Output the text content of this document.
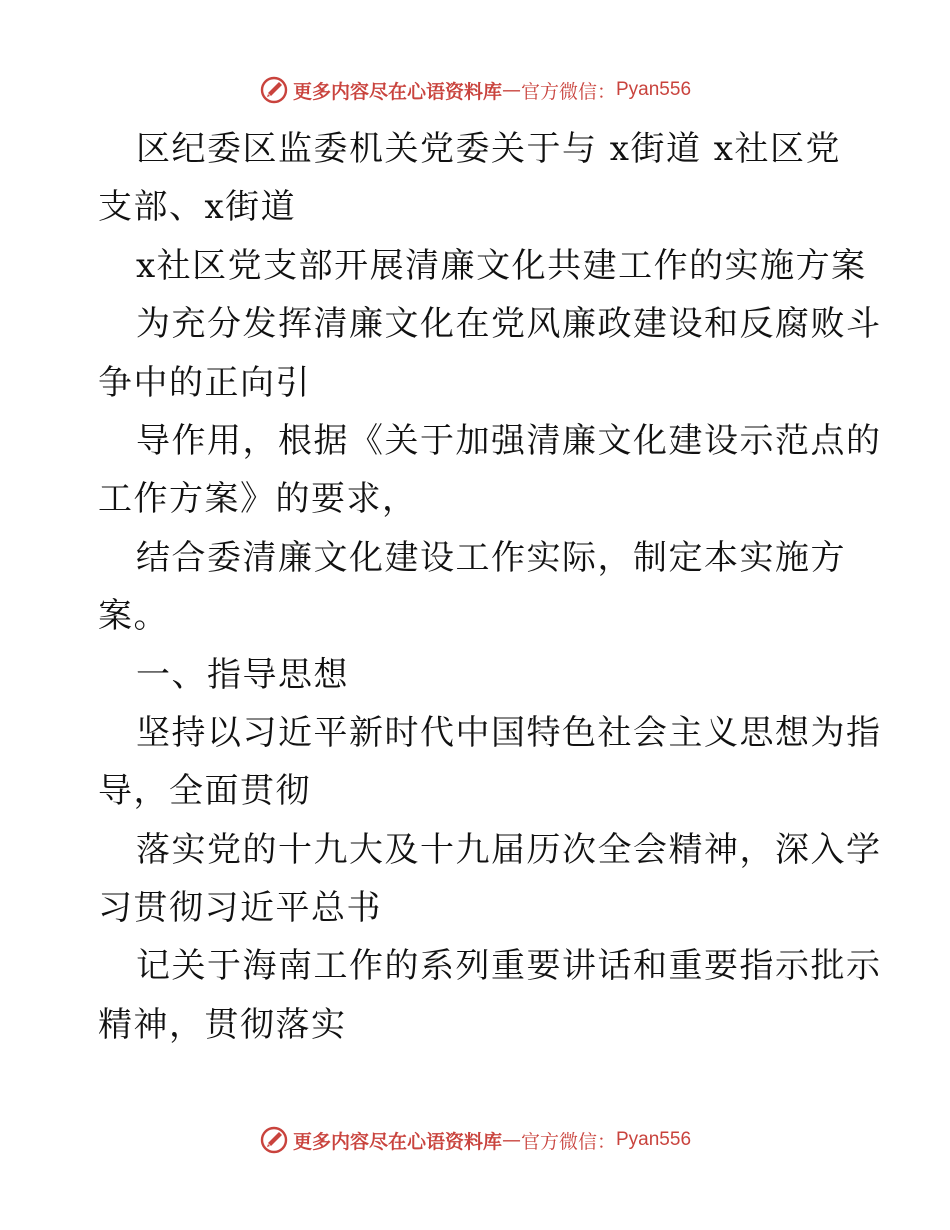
更多内容尽在心语资料库 — 官方微信： Pyan556
区纪委区监委机关党委关于与 x街道 x社区党
支部、x街道
x社区党支部开展清廉文化共建工作的实施方案
为充分发挥清廉文化在党风廉政建设和反腐败斗
争中的正向引
导作用，根据《关于加强清廉文化建设示范点的
工作方案》的要求，
结合委清廉文化建设工作实际，制定本实施方
案。
一、指导思想
坚持以习近平新时代中国特色社会主义思想为指
导，全面贯彻
落实党的十九大及十九届历次全会精神，深入学
习贯彻习近平总书
记关于海南工作的系列重要讲话和重要指示批示
精神，贯彻落实
更多内容尽在心语资料库 — 官方微信： Pyan556
